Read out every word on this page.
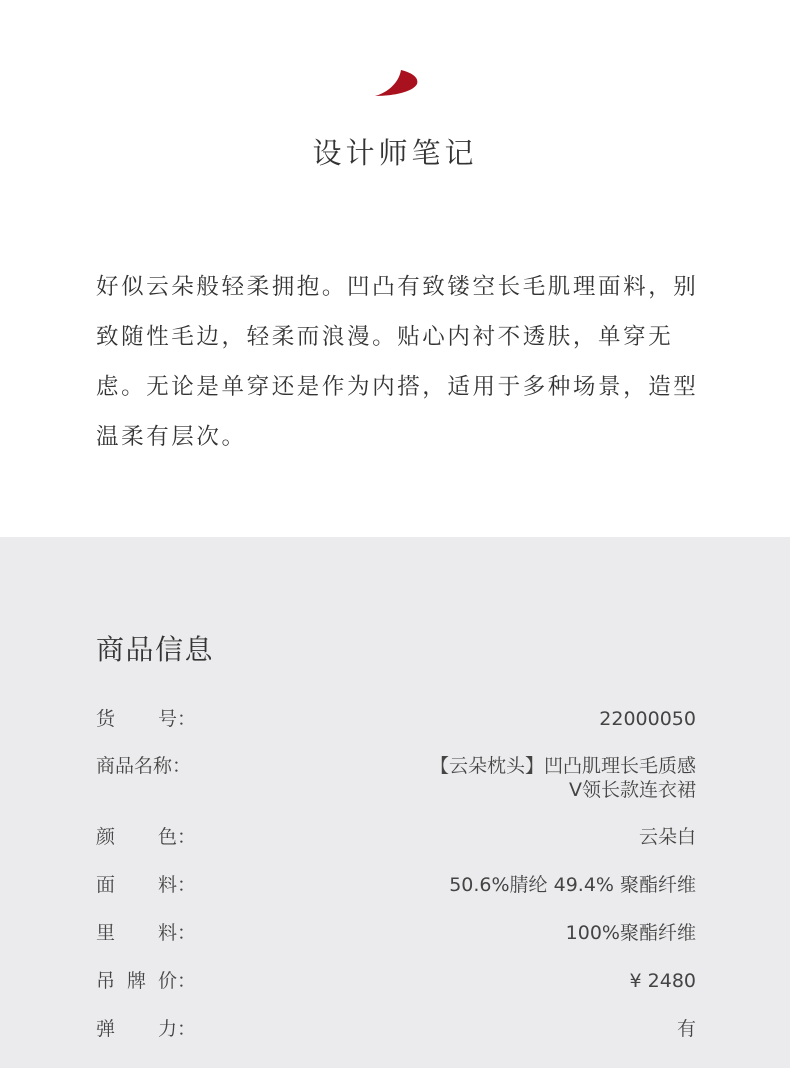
设计师笔记

好似云朵般轻柔拥抱。凹凸有致镂空长毛肌理面料，别致随性毛边，轻柔而浪漫。贴心内衬不透肤，单穿无虑。无论是单穿还是作为内搭，适用于多种场景，造型温柔有层次。

商品信息
货 号：	22000050
商品名称：	【云朵枕头】凹凸肌理长毛质感
V领长款连衣裙
颜 色：	云朵白
面 料：	50.6%腈纶 49.4% 聚酯纤维
里 料：	100%聚酯纤维
吊 牌 价：	¥ 2480
弹 力：	有
